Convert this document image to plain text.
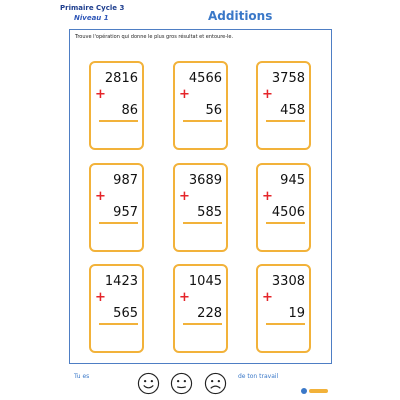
Primaire Cycle 3
Niveau 1	Additions
Trouve l'opération qui donne le plus gros résultat et entoure-le.
2816
+
86
4566
+
56
3758
+
458
987
+
957
3689
+
585
945
+
4506
1423
+
565
1045
+
228
3308
+
19
Tu es	de ton travail
